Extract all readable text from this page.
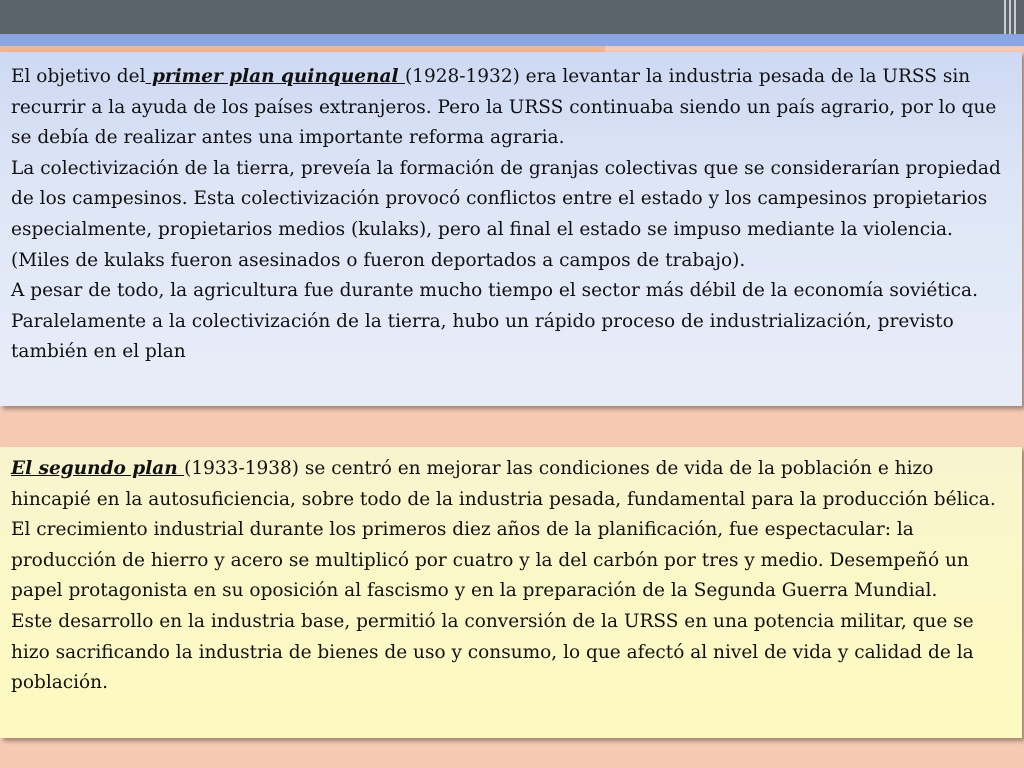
El objetivo del primer plan quinquenal (1928-1932) era levantar la industria pesada de la URSS sin recurrir a la ayuda de los países extranjeros. Pero la URSS continuaba siendo un país agrario, por lo que se debía de realizar antes una importante reforma agraria.

La colectivización de la tierra, preveía la formación de granjas colectivas que se considerarían propiedad de los campesinos. Esta colectivización provocó conflictos entre el estado y los campesinos propietarios especialmente, propietarios medios (kulaks), pero al final el estado se impuso mediante la violencia. (Miles de kulaks fueron asesinados o fueron deportados a campos de trabajo).

A pesar de todo, la agricultura fue durante mucho tiempo el sector más débil de la economía soviética. Paralelamente a la colectivización de la tierra, hubo un rápido proceso de industrialización, previsto también en el plan

El segundo plan (1933-1938) se centró en mejorar las condiciones de vida de la población e hizo hincapié en la autosuficiencia, sobre todo de la industria pesada, fundamental para la producción bélica. El crecimiento industrial durante los primeros diez años de la planificación, fue espectacular: la producción de hierro y acero se multiplicó por cuatro y la del carbón por tres y medio. Desempeñó un papel protagonista en su oposición al fascismo y en la preparación de la Segunda Guerra Mundial.

Este desarrollo en la industria base, permitió la conversión de la URSS en una potencia militar, que se hizo sacrificando la industria de bienes de uso y consumo, lo que afectó al nivel de vida y calidad de la población.
